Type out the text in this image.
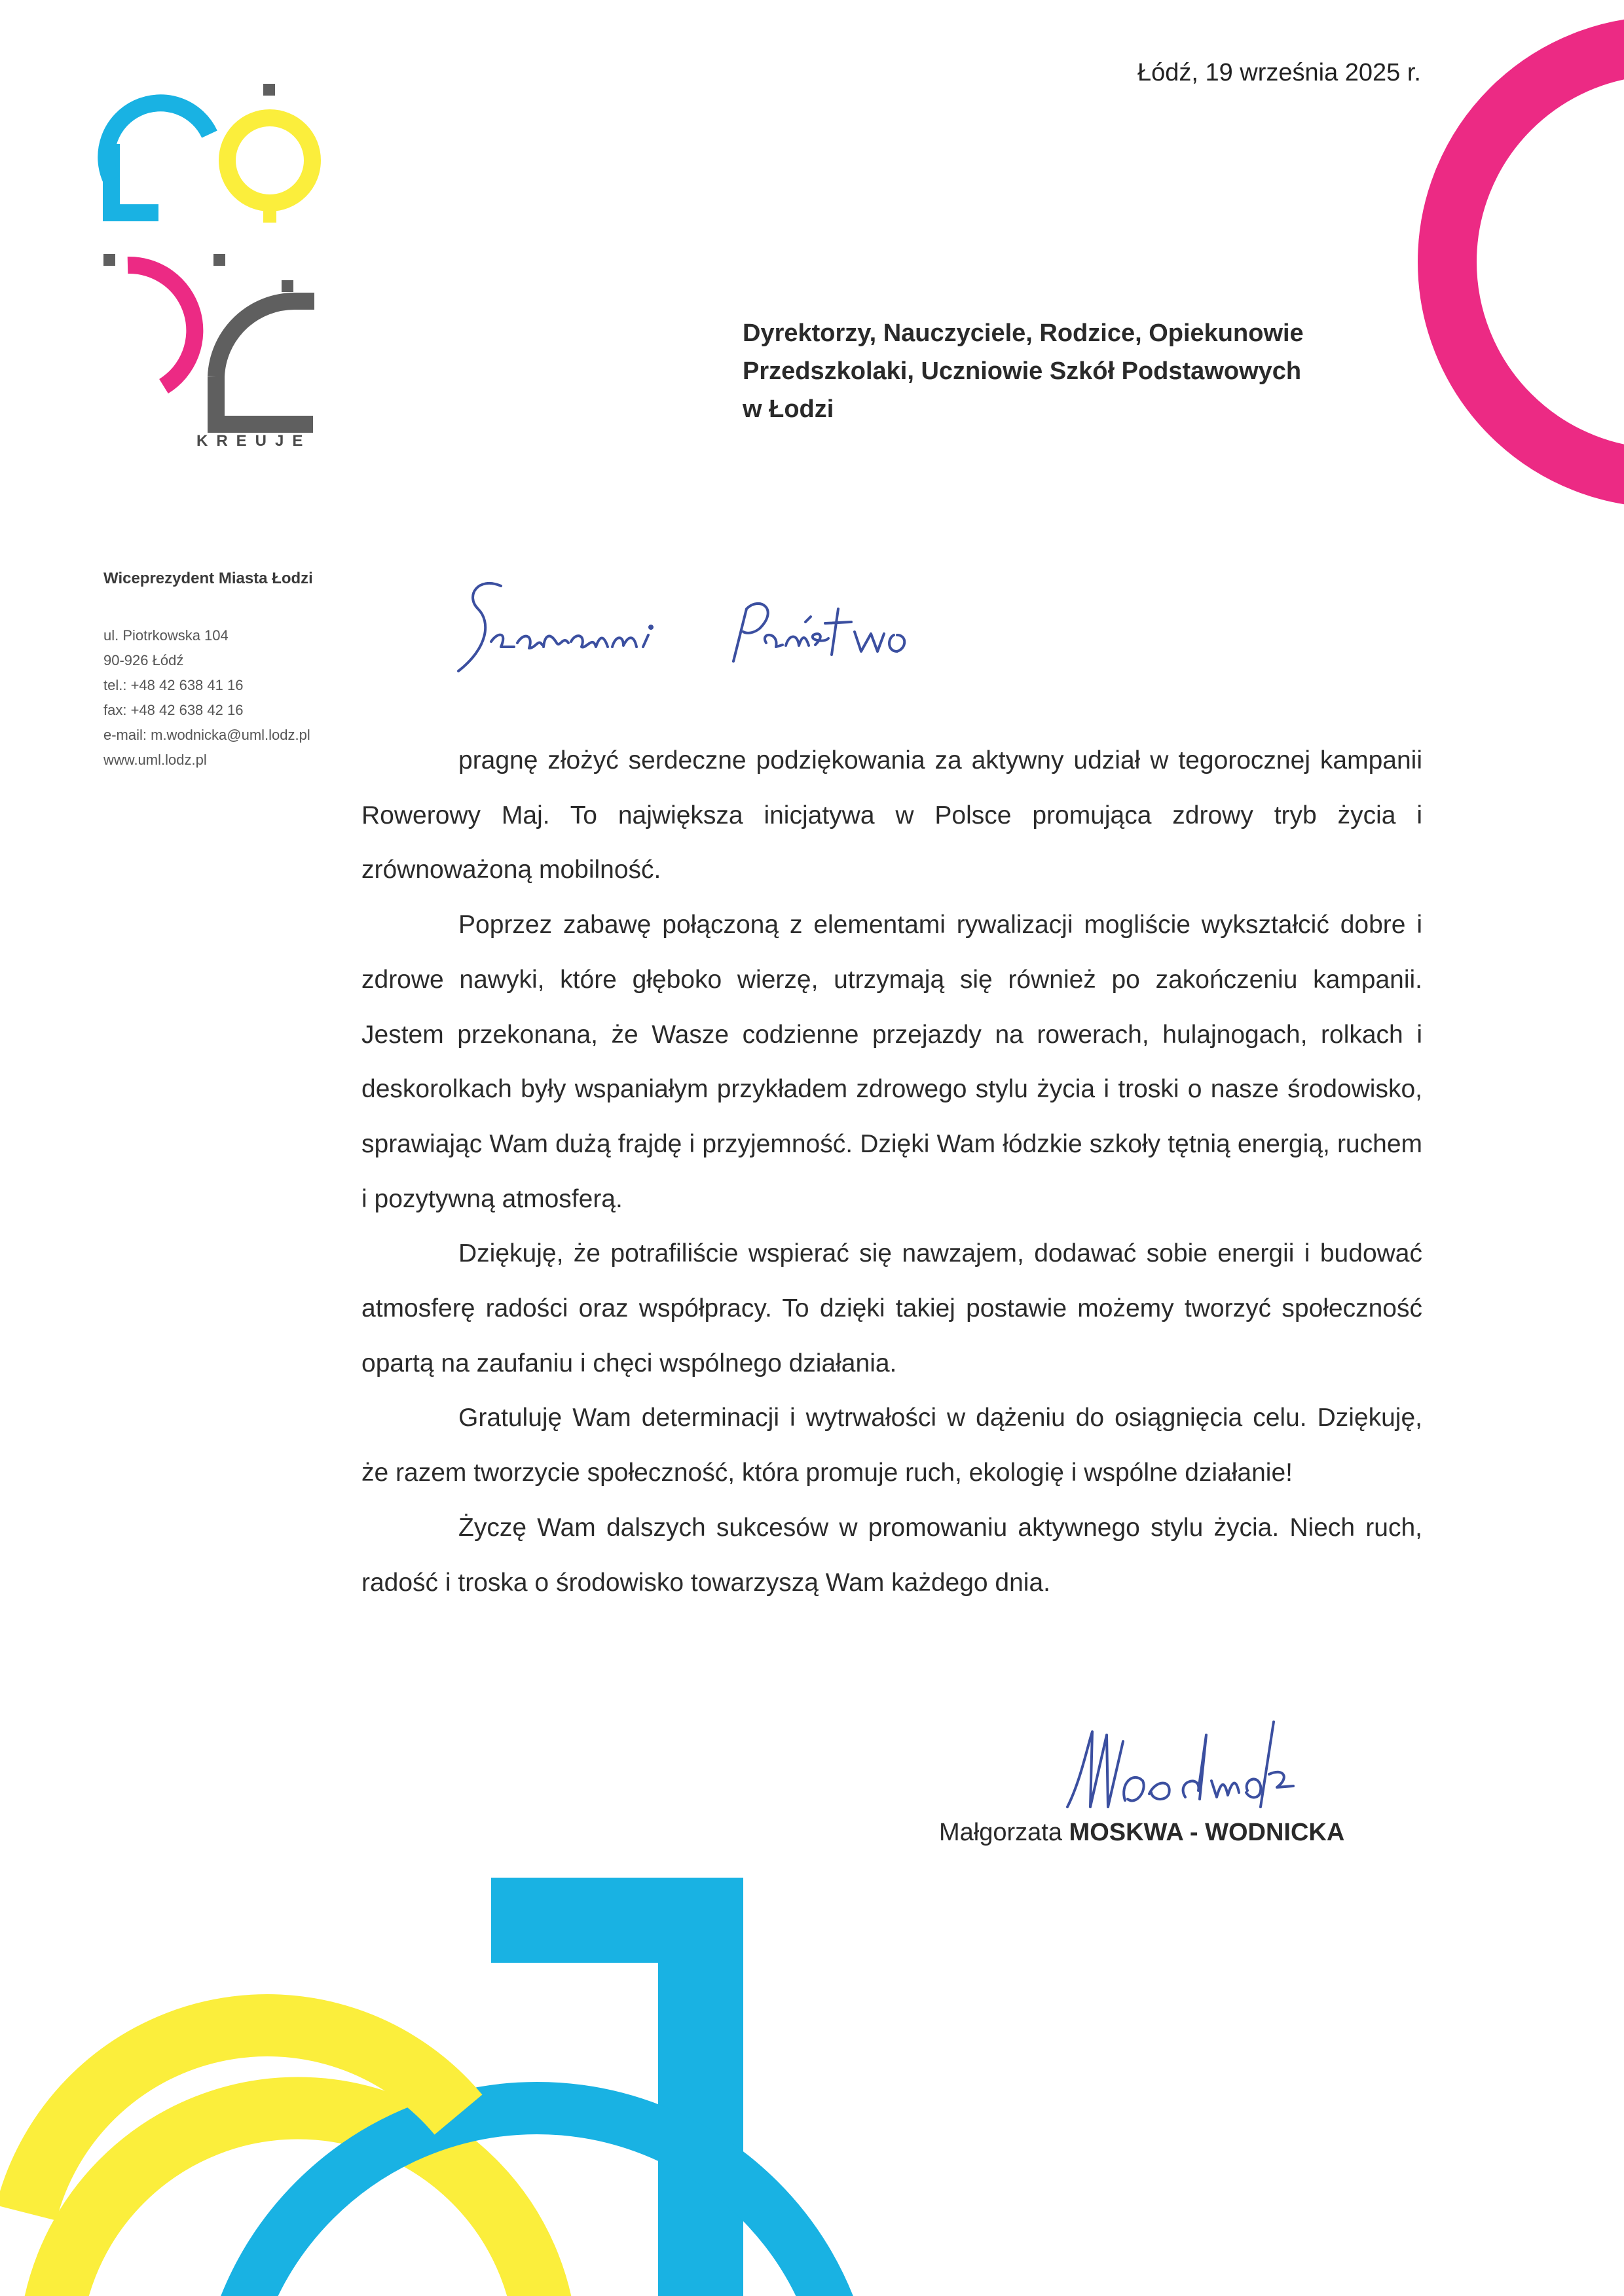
KREUJE
Łódź, 19 września 2025 r.
Dyrektorzy, Nauczyciele, Rodzice, Opiekunowie
Przedszkolaki, Uczniowie Szkół Podstawowych
w Łodzi
Wiceprezydent Miasta Łodzi
ul. Piotrkowska 104
90-926 Łódź
tel.: +48 42 638 41 16
fax: +48 42 638 42 16
e-mail: m.wodnicka@uml.lodz.pl
www.uml.lodz.pl	pragnę złożyć serdeczne podziękowania za aktywny udział w tegorocznej kampanii Rowerowy Maj. To największa inicjatywa w Polsce promująca zdrowy tryb życia i zrównoważoną mobilność.

Poprzez zabawę połączoną z elementami rywalizacji mogliście wykształcić dobre i zdrowe nawyki, które głęboko wierzę, utrzymają się również po zakończeniu kampanii. Jestem przekonana, że Wasze codzienne przejazdy na rowerach, hulajnogach, rolkach i deskorolkach były wspaniałym przykładem zdrowego stylu życia i troski o nasze środowisko, sprawiając Wam dużą frajdę i przyjemność. Dzięki Wam łódzkie szkoły tętnią energią, ruchem i pozytywną atmosferą.

Dziękuję, że potrafiliście wspierać się nawzajem, dodawać sobie energii i budować atmosferę radości oraz współpracy. To dzięki takiej postawie możemy tworzyć społeczność opartą na zaufaniu i chęci wspólnego działania.

Gratuluję Wam determinacji i wytrwałości w dążeniu do osiągnięcia celu. Dziękuję, że razem tworzycie społeczność, która promuje ruch, ekologię i wspólne działanie!

Życzę Wam dalszych sukcesów w promowaniu aktywnego stylu życia. Niech ruch, radość i troska o środowisko towarzyszą Wam każdego dnia.

Małgorzata MOSKWA - WODNICKA
